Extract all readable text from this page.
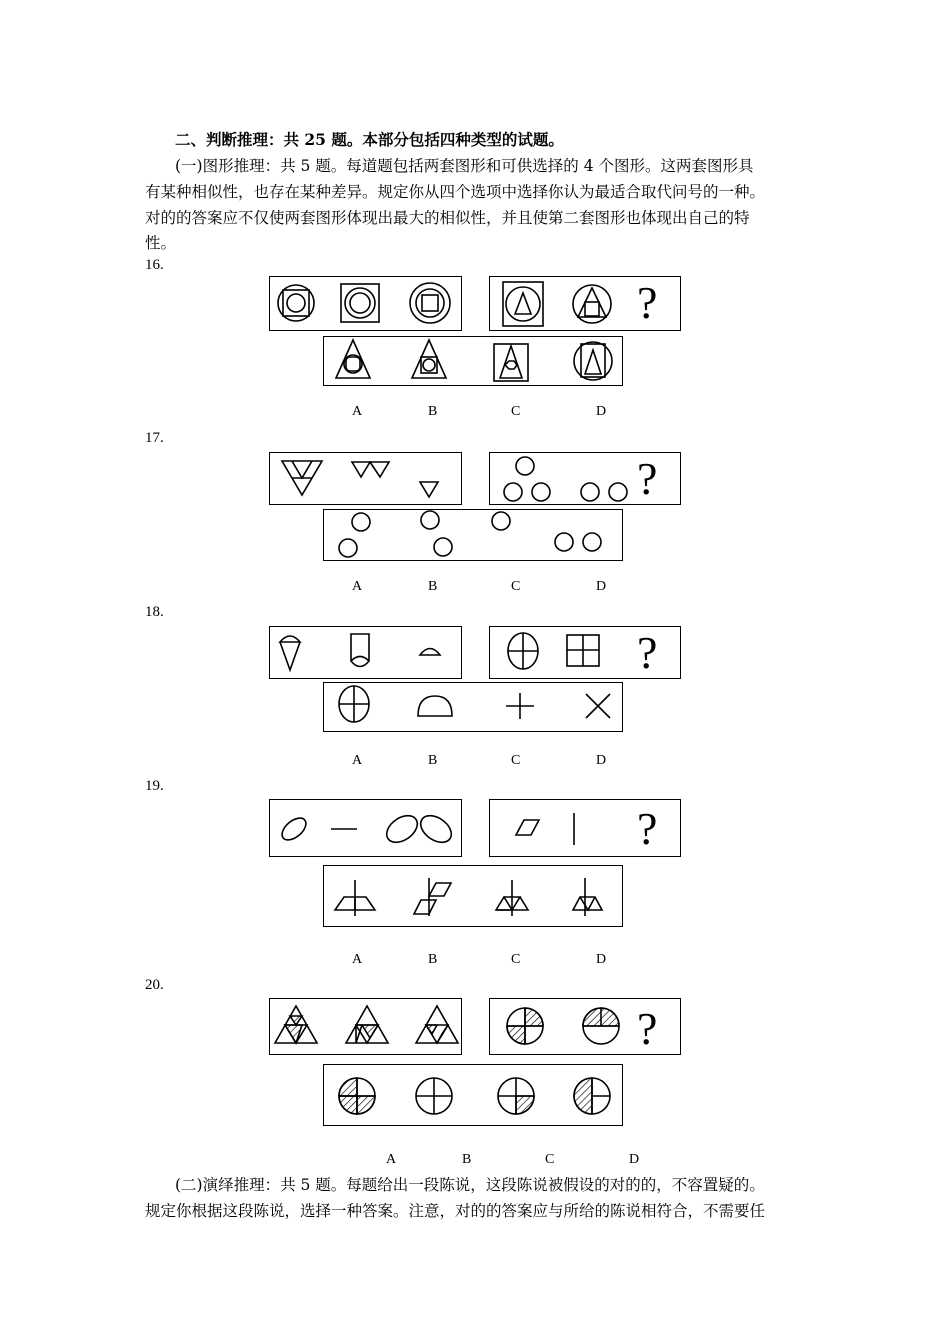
二、判断推理：共 25 题。本部分包括四种类型的试题。
(一)图形推理：共 5 题。每道题包括两套图形和可供选择的 4 个图形。这两套图形具
有某种相似性，也存在某种差异。规定你从四个选项中选择你认为最适合取代问号的一种。
对的的答案应不仅使两套图形体现出最大的相似性，并且使第二套图形也体现出自己的特
性。
16.
?
A	B	C	D
17.
?
A	B	C	D
18.
?
A	B	C	D
19.
?
A	B	C	D
20.
?
A	B	C	D
(二)演绎推理：共 5 题。每题给出一段陈说，这段陈说被假设的对的的，不容置疑的。
规定你根据这段陈说，选择一种答案。注意，对的的答案应与所给的陈说相符合，不需要任
